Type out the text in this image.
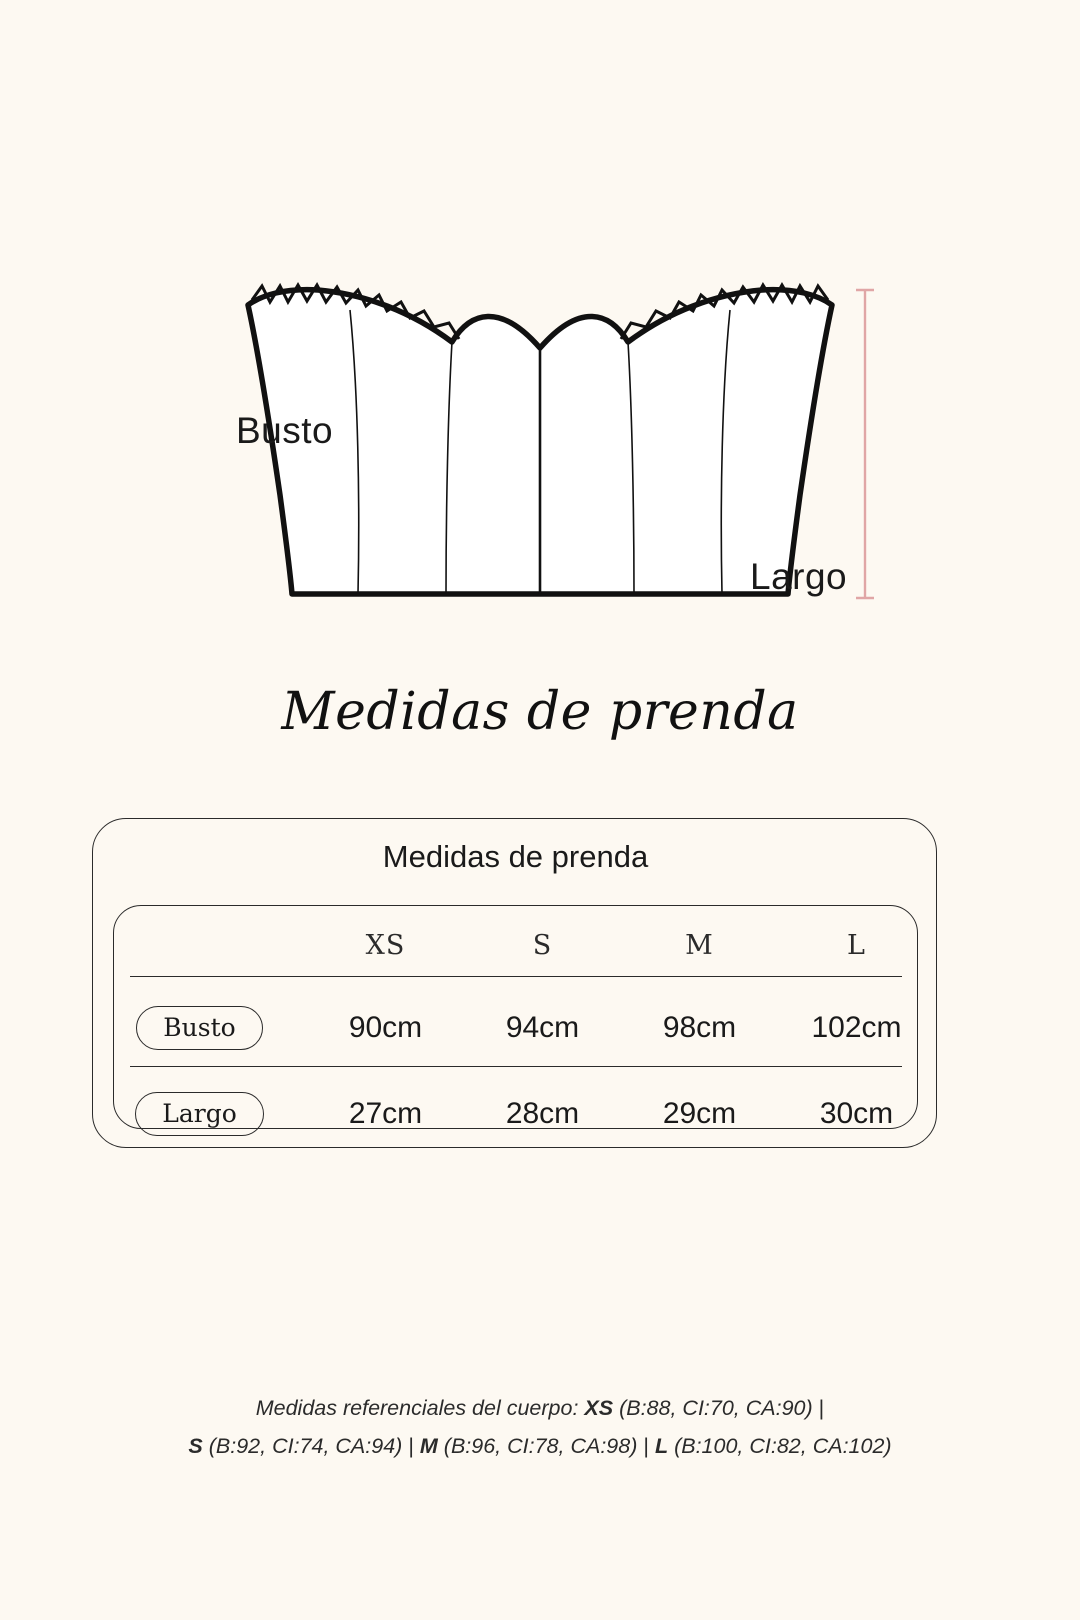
Busto
Largo
Medidas de prenda
Medidas de prenda
XS	S	M	L
Busto	90cm	94cm	98cm	102cm
Largo	27cm	28cm	29cm	30cm
Medidas referenciales del cuerpo: XS (B:88, CI:70, CA:90) |
S (B:92, CI:74, CA:94) | M (B:96, CI:78, CA:98) | L (B:100, CI:82, CA:102)
